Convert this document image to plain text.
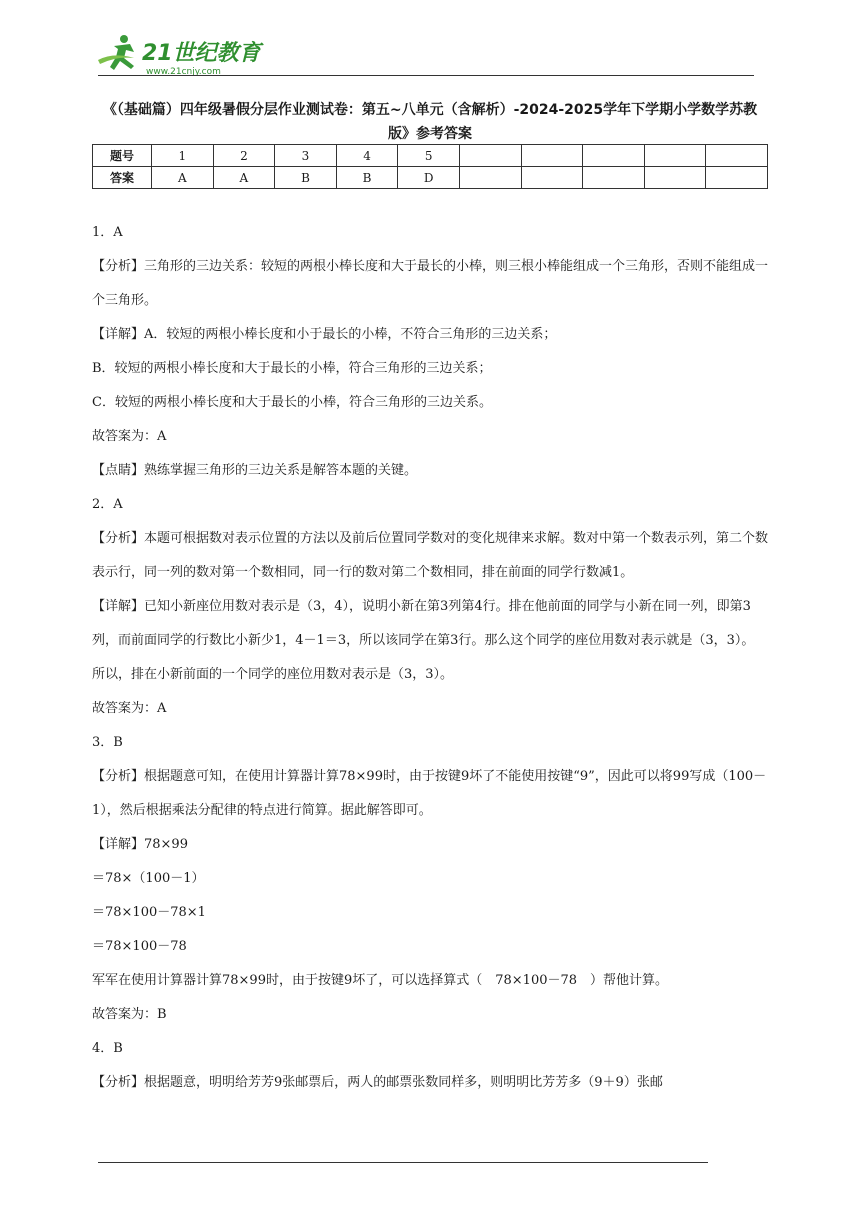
21世纪教育
www.21cnjy.com
《（基础篇）四年级暑假分层作业测试卷：第五~八单元（含解析）-2024-2025学年下学期小学数学苏教版》参考答案
题号	1	2	3	4	5					
答案	A	A	B	B	D					

1．A

【分析】三角形的三边关系：较短的两根小棒长度和大于最长的小棒，则三根小棒能组成一个三角形，否则不能组成一个三角形。

【详解】A．较短的两根小棒长度和小于最长的小棒，不符合三角形的三边关系；

B．较短的两根小棒长度和大于最长的小棒，符合三角形的三边关系；

C．较短的两根小棒长度和大于最长的小棒，符合三角形的三边关系。

故答案为：A

【点睛】熟练掌握三角形的三边关系是解答本题的关键。

2．A

【分析】本题可根据数对表示位置的方法以及前后位置同学数对的变化规律来求解。数对中第一个数表示列，第二个数表示行，同一列的数对第一个数相同，同一行的数对第二个数相同，排在前面的同学行数减1。

【详解】已知小新座位用数对表示是（3，4），说明小新在第3列第4行。排在他前面的同学与小新在同一列，即第3列，而前面同学的行数比小新少1，4－1＝3，所以该同学在第3行。那么这个同学的座位用数对表示就是（3，3）。

所以，排在小新前面的一个同学的座位用数对表示是（3，3）。

故答案为：A

3．B

【分析】根据题意可知，在使用计算器计算78×99时，由于按键9坏了不能使用按键“9”，因此可以将99写成（100－1），然后根据乘法分配律的特点进行简算。据此解答即可。

【详解】78×99

＝78×（100－1）

＝78×100－78×1

＝78×100－78

军军在使用计算器计算78×99时，由于按键9坏了，可以选择算式（　78×100－78　）帮他计算。

故答案为：B

4．B

【分析】根据题意，明明给芳芳9张邮票后，两人的邮票张数同样多，则明明比芳芳多（9＋9）张邮
